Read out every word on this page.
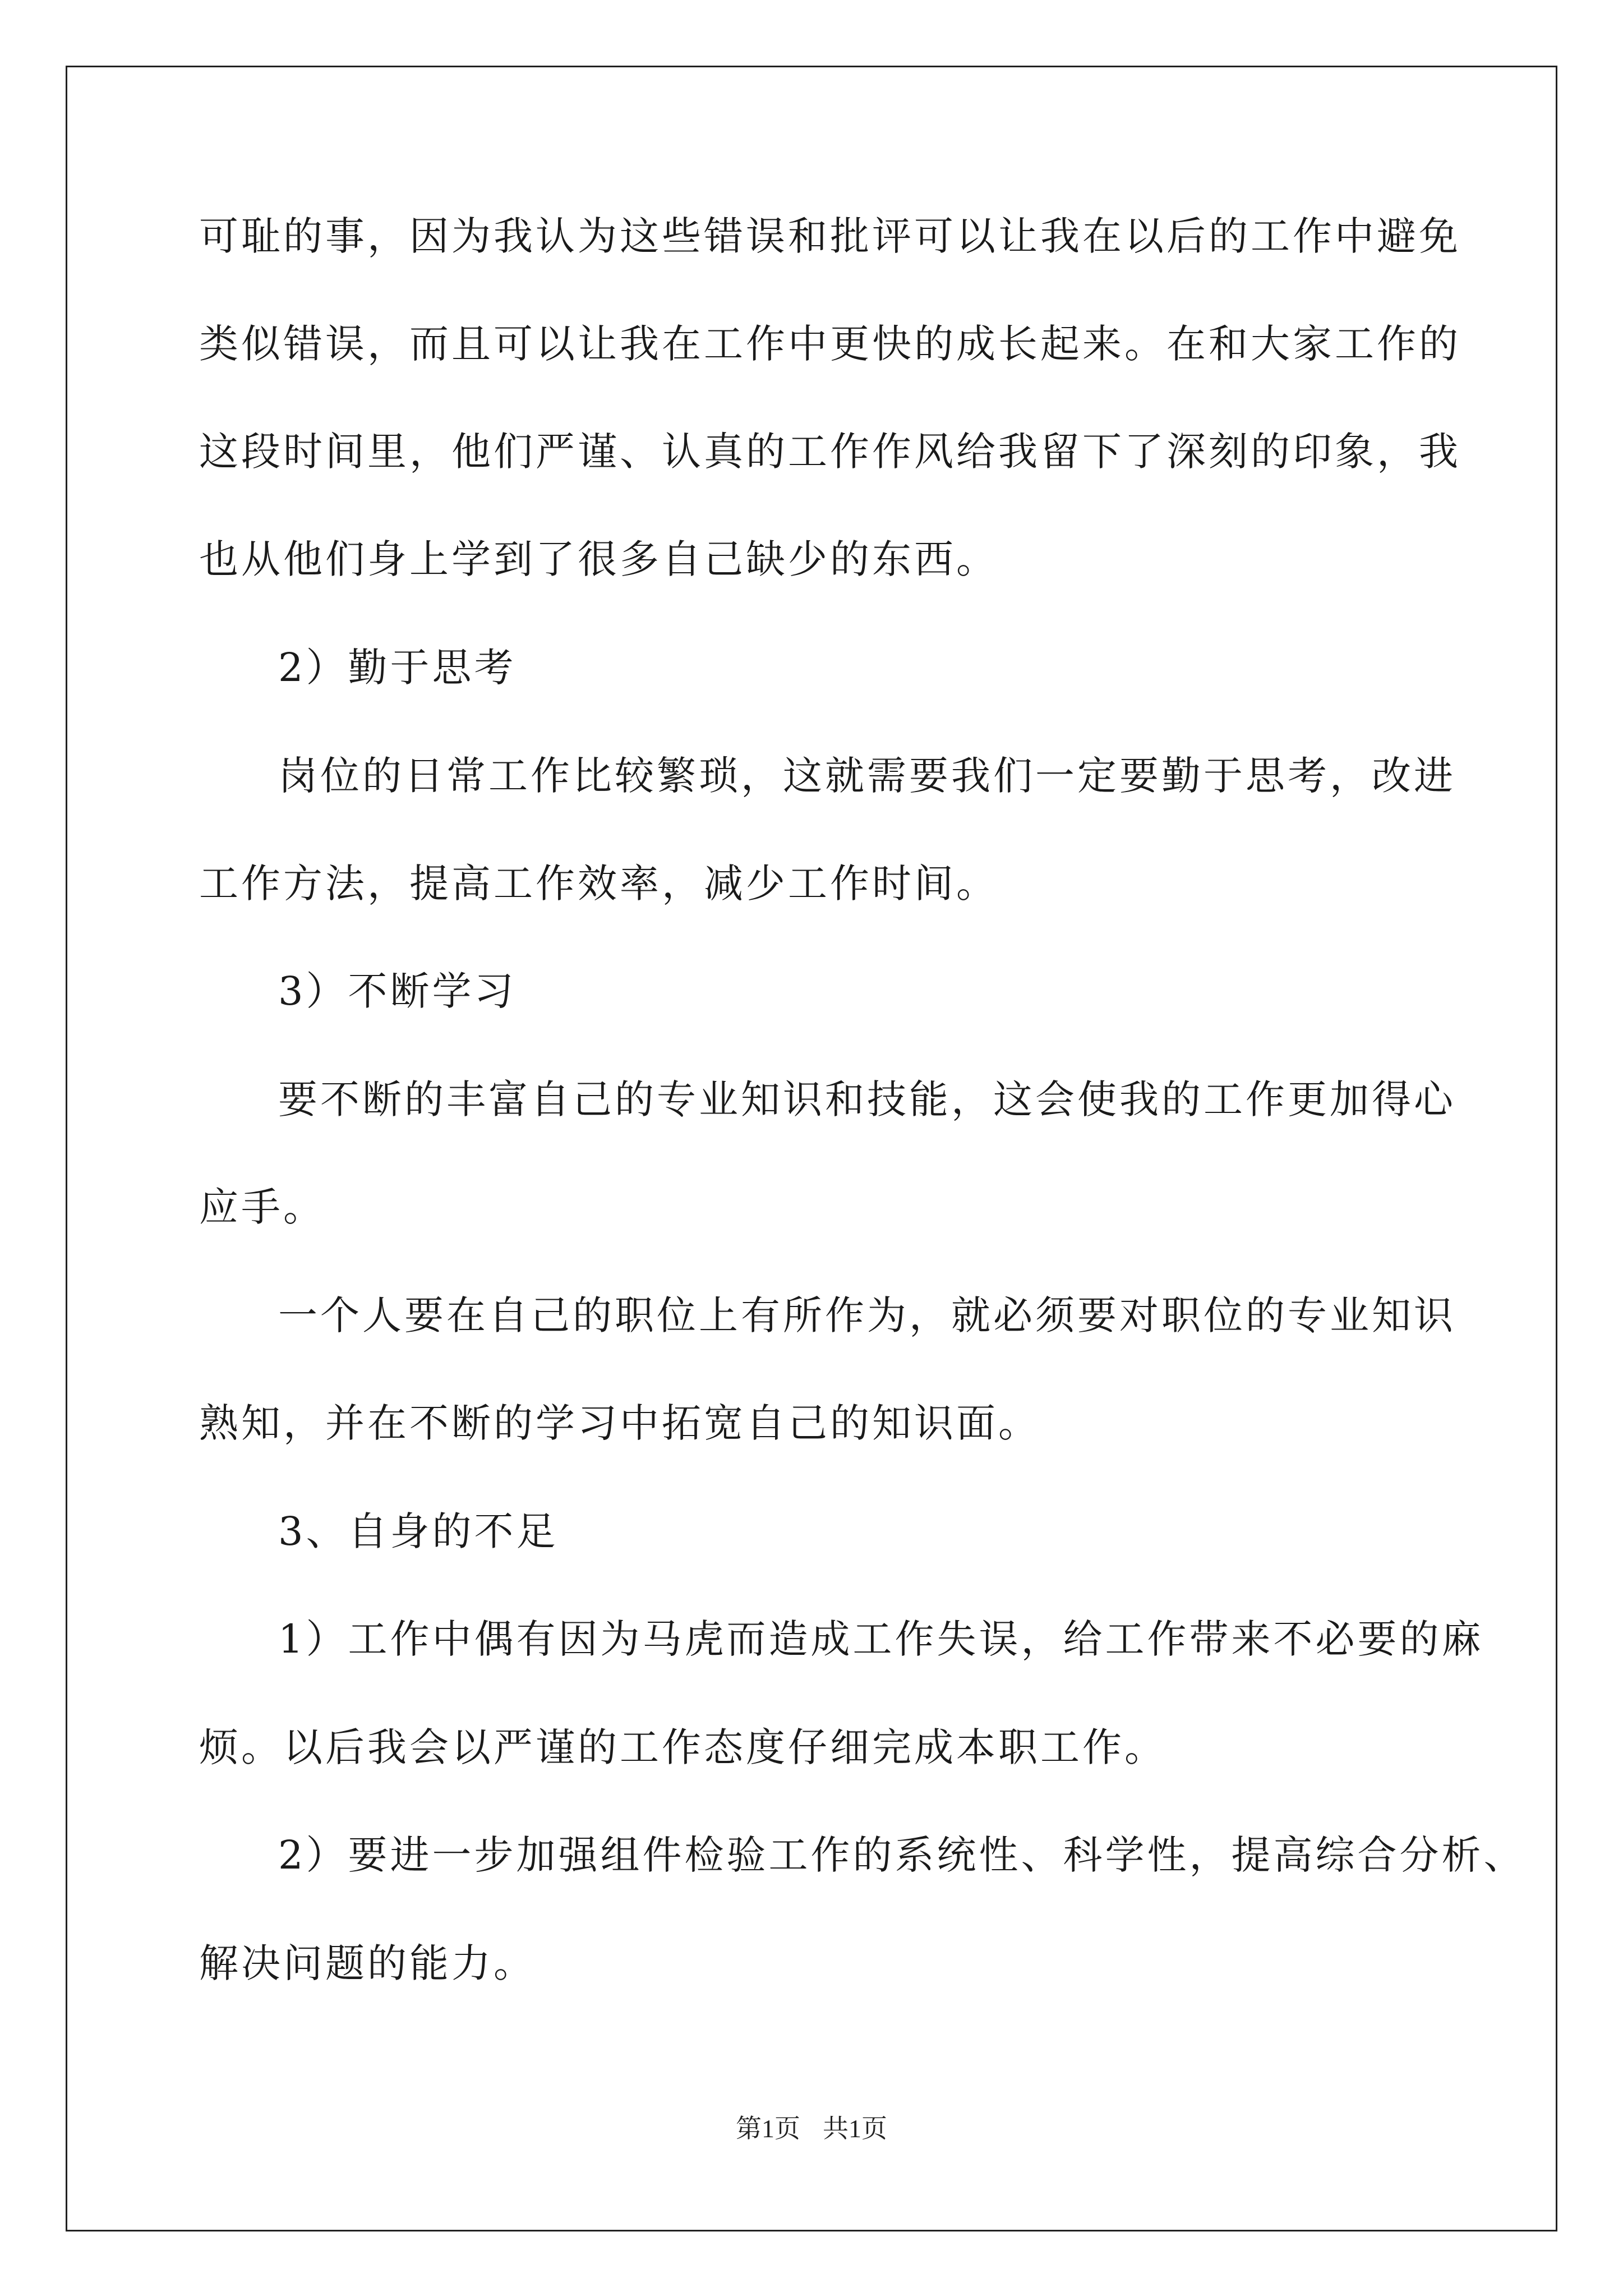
可耻的事，因为我认为这些错误和批评可以让我在以后的工作中避免
类似错误，而且可以让我在工作中更快的成长起来。在和大家工作的
这段时间里，他们严谨、认真的工作作风给我留下了深刻的印象，我
也从他们身上学到了很多自己缺少的东西。
2）勤于思考
岗位的日常工作比较繁琐，这就需要我们一定要勤于思考，改进
工作方法，提高工作效率，减少工作时间。
3）不断学习
要不断的丰富自己的专业知识和技能，这会使我的工作更加得心
应手。
一个人要在自己的职位上有所作为，就必须要对职位的专业知识
熟知，并在不断的学习中拓宽自己的知识面。
3、自身的不足
1）工作中偶有因为马虎而造成工作失误，给工作带来不必要的麻
烦。以后我会以严谨的工作态度仔细完成本职工作。
2）要进一步加强组件检验工作的系统性、科学性，提高综合分析、
解决问题的能力。
第1页 共1页
